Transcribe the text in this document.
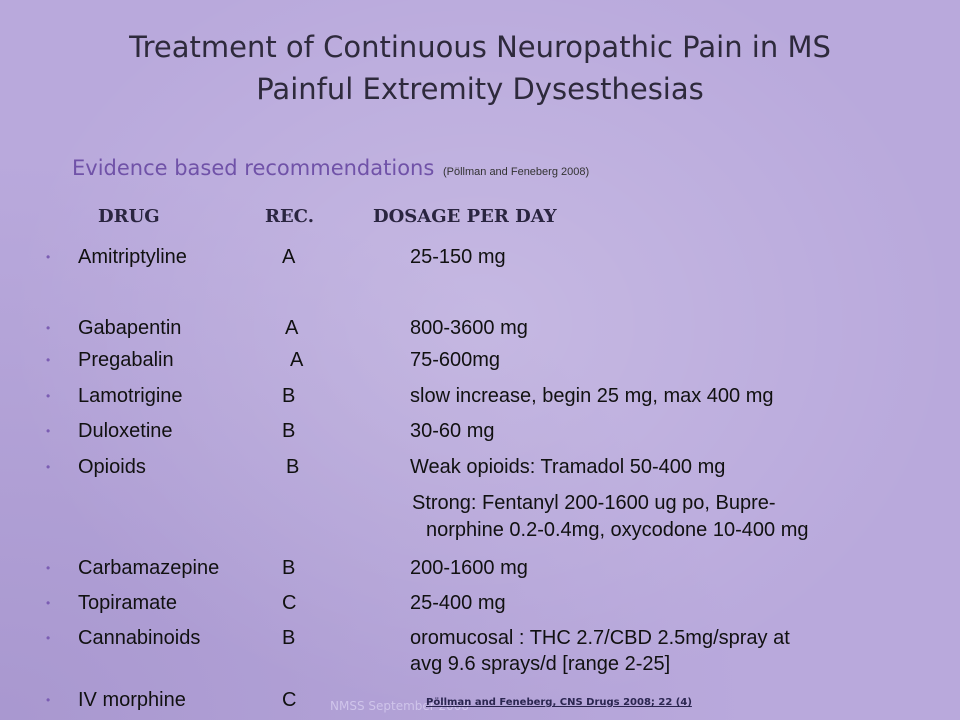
Treatment of Continuous Neuropathic Pain in MS
Painful Extremity Dysesthesias
Evidence based recommendations (Pöllman and Feneberg 2008)
DRUG	REC.	DOSAGE PER DAY
• Amitriptyline	A	25-150 mg
• Gabapentin	A	800-3600 mg
• Pregabalin	A	75-600mg
• Lamotrigine	B	slow increase, begin 25 mg, max 400 mg
• Duloxetine	B	30-60 mg
• Opioids	B	Weak opioids: Tramadol 50-400 mg
Strong: Fentanyl 200-1600 ug po, Bupre-
norphine 0.2-0.4mg, oxycodone 10-400 mg
• Carbamazepine	B	200-1600 mg
• Topiramate	C	25-400 mg
• Cannabinoids	B	oromucosal : THC 2.7/CBD 2.5mg/spray at
avg 9.6 sprays/d [range 2-25]
• IV morphine	C	NMSS September 2008
Pöllman and Feneberg, CNS Drugs 2008; 22 (4)
